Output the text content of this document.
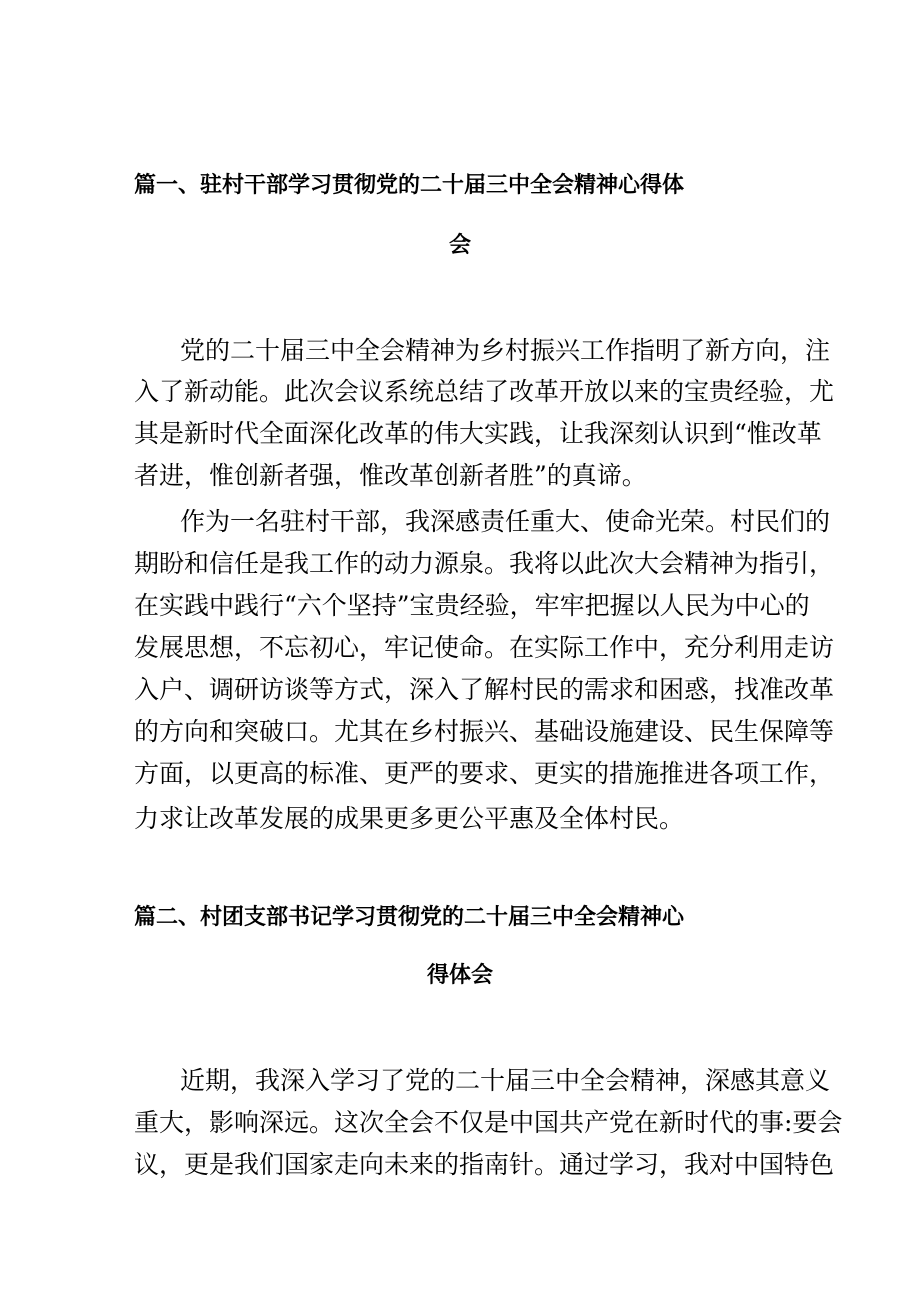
篇一、驻村干部学习贯彻党的二十届三中全会精神心得体
会
党的二十届三中全会精神为乡村振兴工作指明了新方向，注
入了新动能。此次会议系统总结了改革开放以来的宝贵经验，尤
其是新时代全面深化改革的伟大实践，让我深刻认识到“惟改革
者进，惟创新者强，惟改革创新者胜”的真谛。
作为一名驻村干部，我深感责任重大、使命光荣。村民们的
期盼和信任是我工作的动力源泉。我将以此次大会精神为指引，
在实践中践行“六个坚持”宝贵经验，牢牢把握以人民为中心的
发展思想，不忘初心，牢记使命。在实际工作中，充分利用走访
入户、调研访谈等方式，深入了解村民的需求和困惑，找准改革
的方向和突破口。尤其在乡村振兴、基础设施建设、民生保障等
方面，以更高的标准、更严的要求、更实的措施推进各项工作，
力求让改革发展的成果更多更公平惠及全体村民。
篇二、村团支部书记学习贯彻党的二十届三中全会精神心
得体会
近期，我深入学习了党的二十届三中全会精神，深感其意义
重大，影响深远。这次全会不仅是中国共产党在新时代的事:要会
议，更是我们国家走向未来的指南针。通过学习，我对中国特色
